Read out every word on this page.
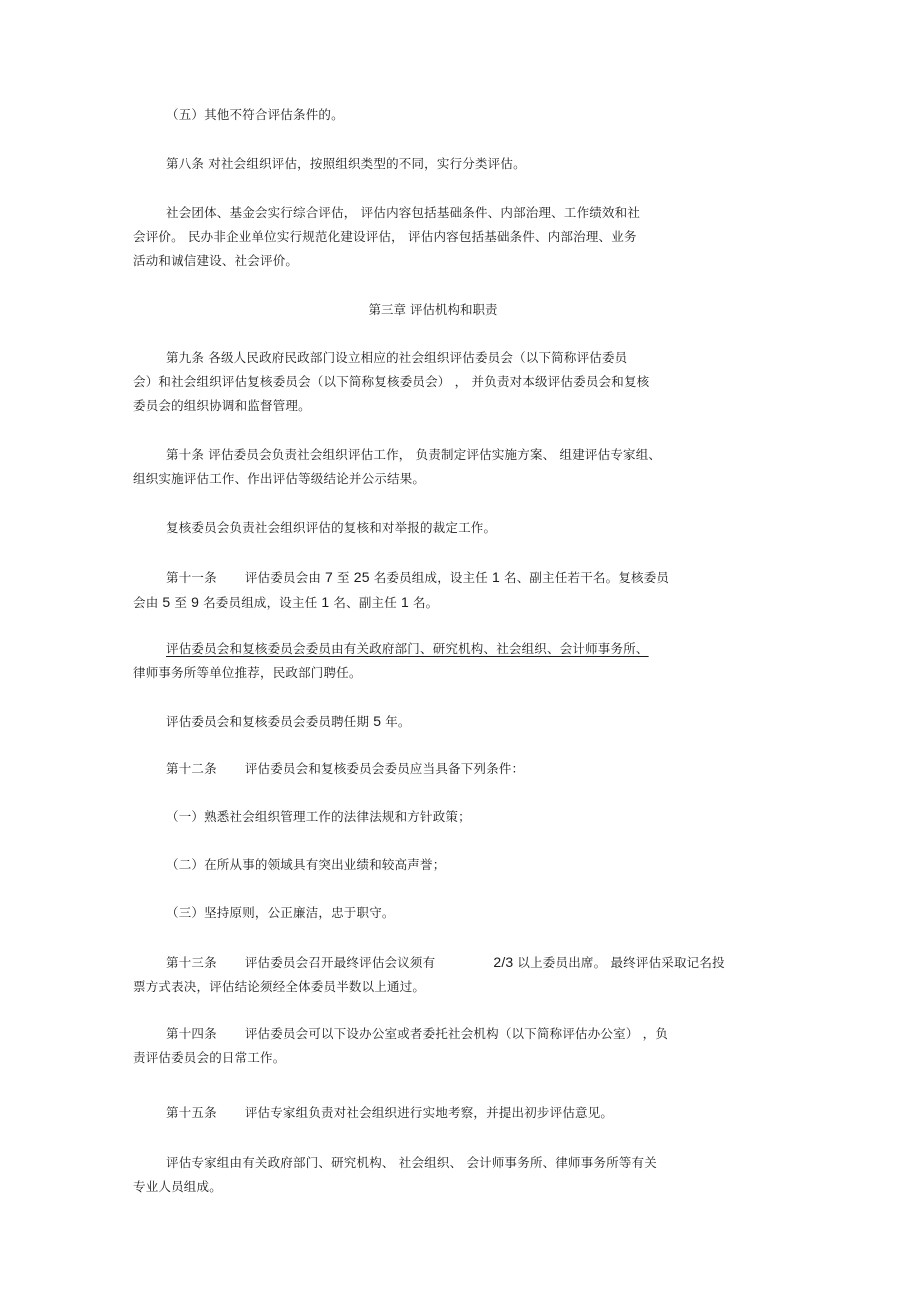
（五）其他不符合评估条件的。
第八条 对社会组织评估，按照组织类型的不同，实行分类评估。
社会团体、基金会实行综合评估， 评估内容包括基础条件、内部治理、工作绩效和社
会评价。 民办非企业单位实行规范化建设评估， 评估内容包括基础条件、内部治理、业务
活动和诚信建设、社会评价。
第三章 评估机构和职责
第九条 各级人民政府民政部门设立相应的社会组织评估委员会（以下简称评估委员
会）和社会组织评估复核委员会（以下简称复核委员会） ， 并负责对本级评估委员会和复核
委员会的组织协调和监督管理。
第十条 评估委员会负责社会组织评估工作， 负责制定评估实施方案、 组建评估专家组、
组织实施评估工作、作出评估等级结论并公示结果。
复核委员会负责社会组织评估的复核和对举报的裁定工作。
第十一条 评估委员会由 7 至 25 名委员组成，设主任 1 名、副主任若干名。复核委员
会由 5 至 9 名委员组成，设主任 1 名、副主任 1 名。
评估委员会和复核委员会委员由有关政府部门、研究机构、社会组织、会计师事务所、
律师事务所等单位推荐，民政部门聘任。
评估委员会和复核委员会委员聘任期 5 年。
第十二条 评估委员会和复核委员会委员应当具备下列条件：
（一）熟悉社会组织管理工作的法律法规和方针政策；
（二）在所从事的领域具有突出业绩和较高声誉；
（三）坚持原则，公正廉洁，忠于职守。
第十三条 评估委员会召开最终评估会议须有	2/3 以上委员出席。 最终评估采取记名投
票方式表决，评估结论须经全体委员半数以上通过。
第十四条 评估委员会可以下设办公室或者委托社会机构（以下简称评估办公室） ，负
责评估委员会的日常工作。
第十五条 评估专家组负责对社会组织进行实地考察，并提出初步评估意见。
评估专家组由有关政府部门、研究机构、 社会组织、 会计师事务所、律师事务所等有关
专业人员组成。
